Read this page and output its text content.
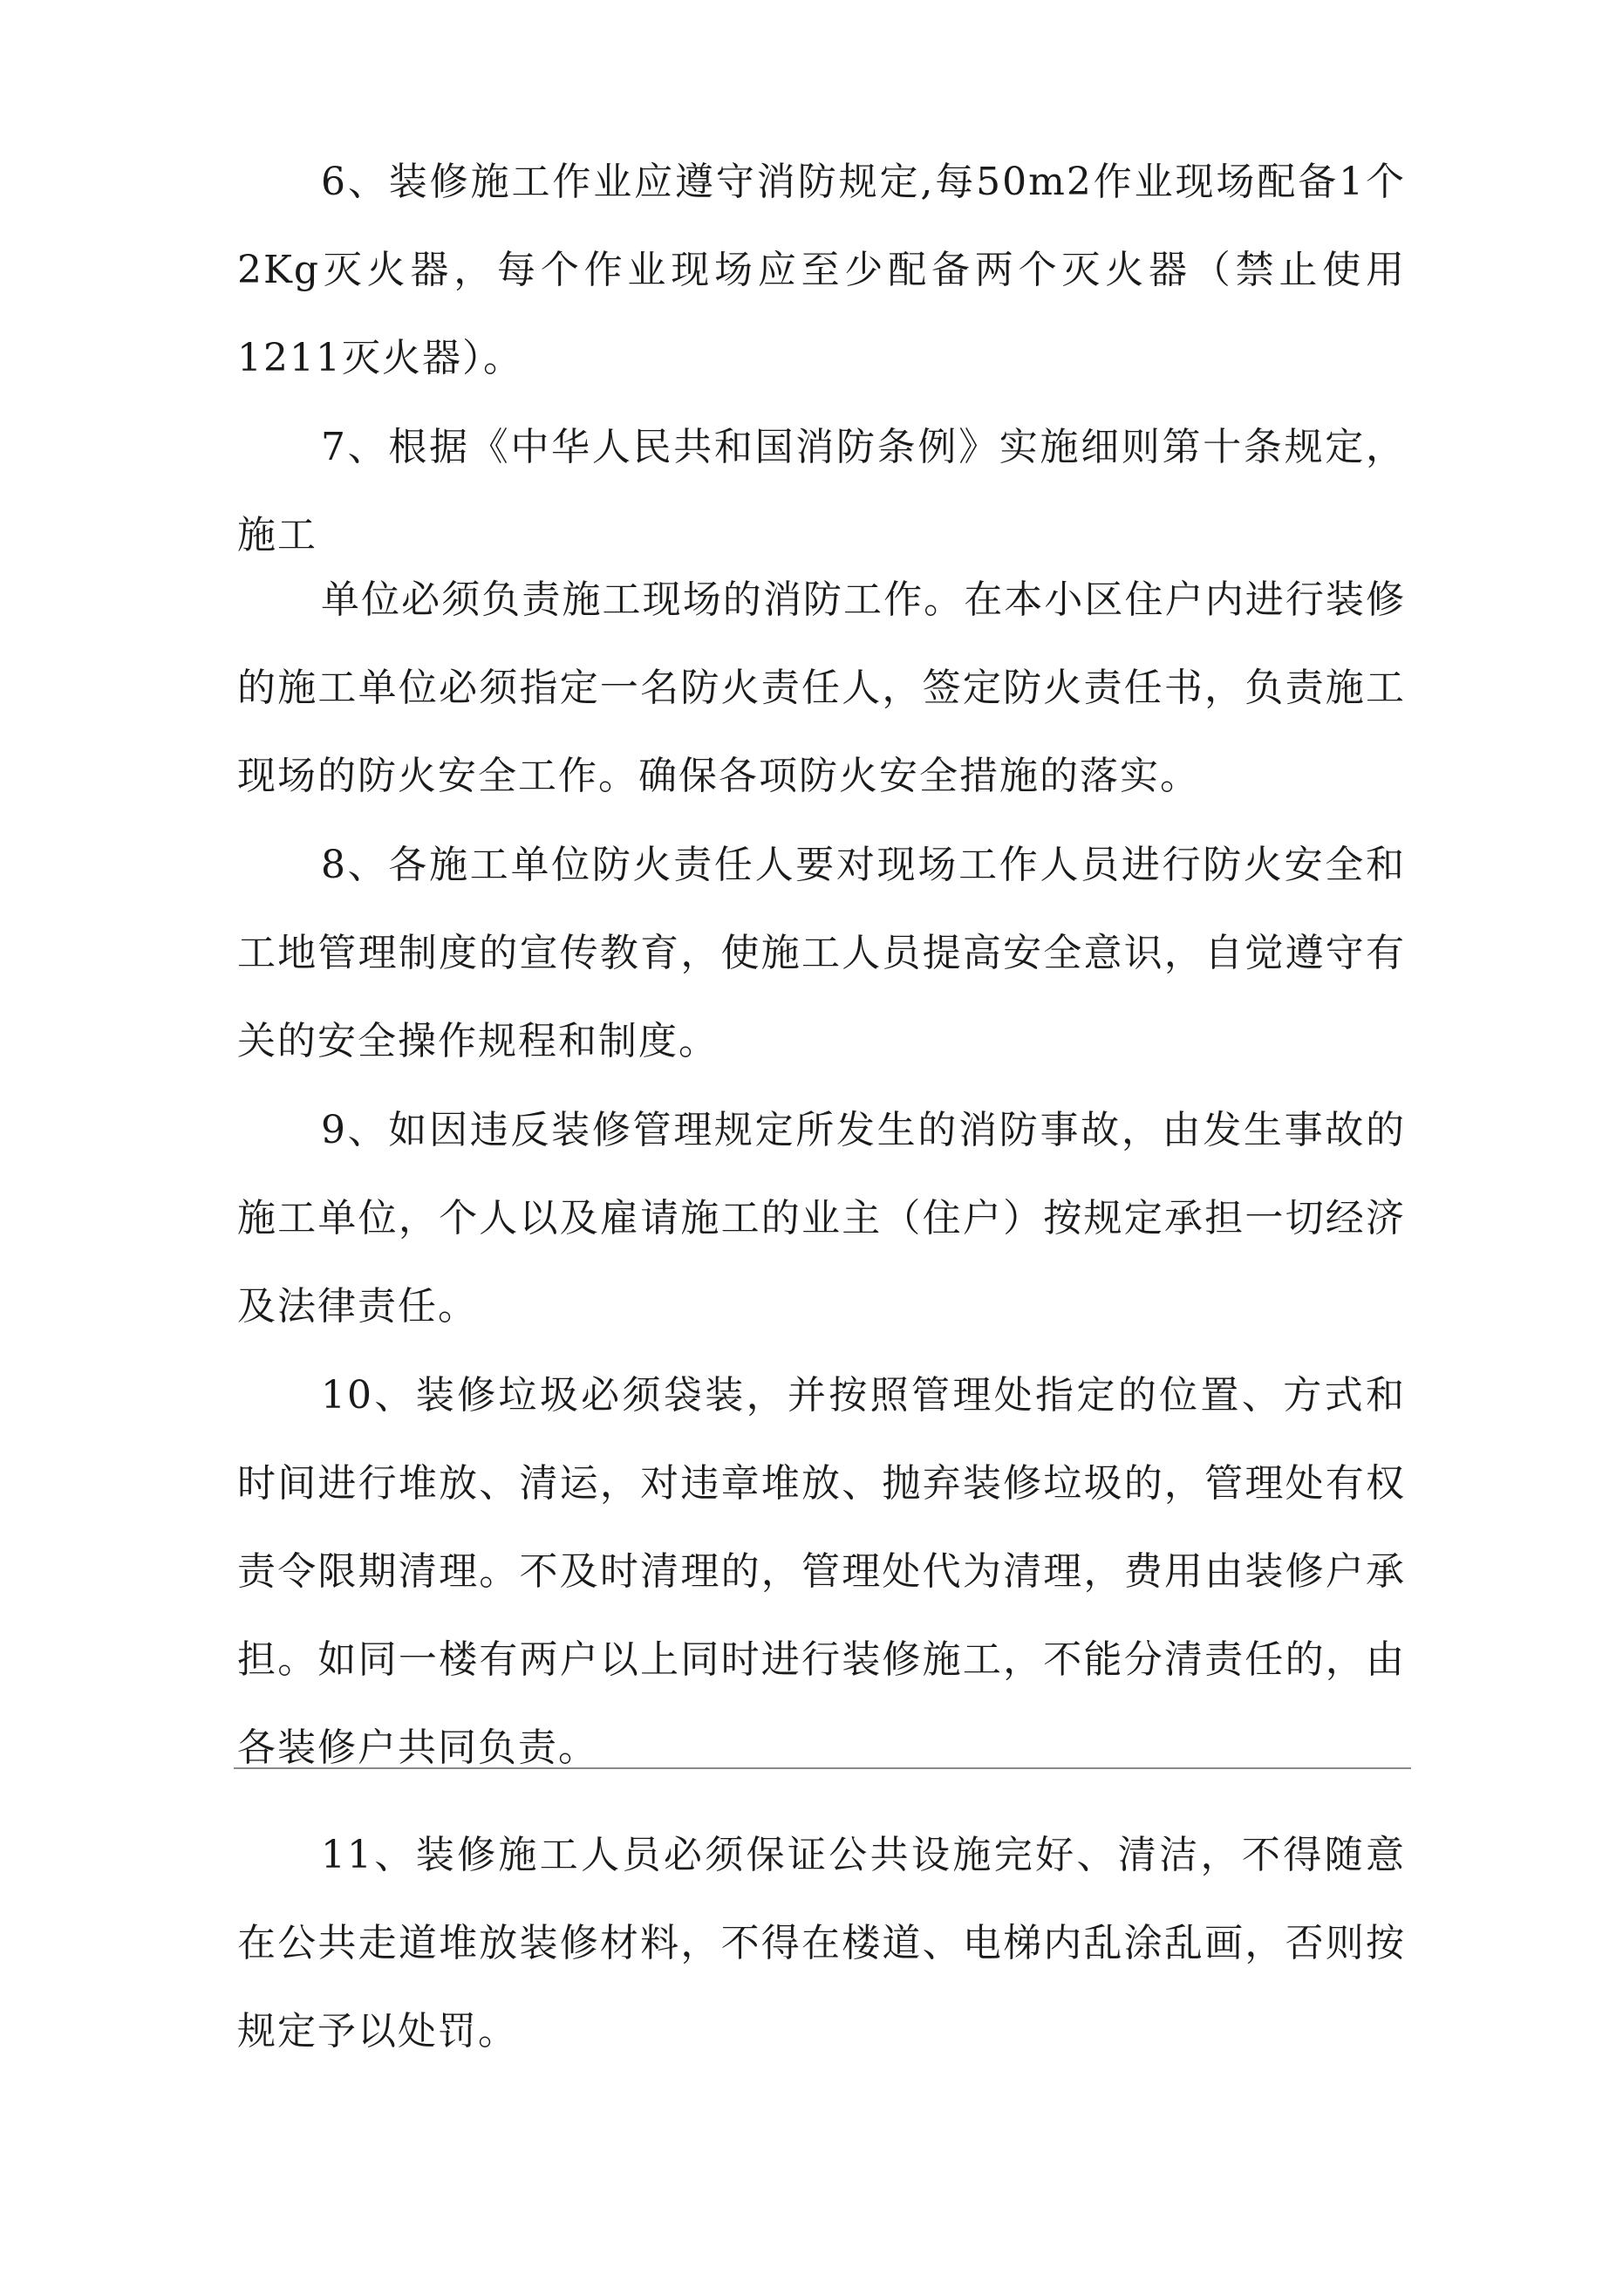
6、装修施工作业应遵守消防规定,每50m2作业现场配备1个2Kg灭火器，每个作业现场应至少配备两个灭火器（禁止使用1211灭火器）。

7、根据《中华人民共和国消防条例》实施细则第十条规定，施工

单位必须负责施工现场的消防工作。在本小区住户内进行装修的施工单位必须指定一名防火责任人，签定防火责任书，负责施工现场的防火安全工作。确保各项防火安全措施的落实。

8、各施工单位防火责任人要对现场工作人员进行防火安全和工地管理制度的宣传教育，使施工人员提高安全意识，自觉遵守有关的安全操作规程和制度。

9、如因违反装修管理规定所发生的消防事故，由发生事故的施工单位，个人以及雇请施工的业主（住户）按规定承担一切经济及法律责任。

10、装修垃圾必须袋装，并按照管理处指定的位置、方式和时间进行堆放、清运，对违章堆放、抛弃装修垃圾的，管理处有权责令限期清理。不及时清理的，管理处代为清理，费用由装修户承担。如同一楼有两户以上同时进行装修施工，不能分清责任的，由各装修户共同负责。

11、装修施工人员必须保证公共设施完好、清洁，不得随意在公共走道堆放装修材料，不得在楼道、电梯内乱涂乱画，否则按规定予以处罚。
